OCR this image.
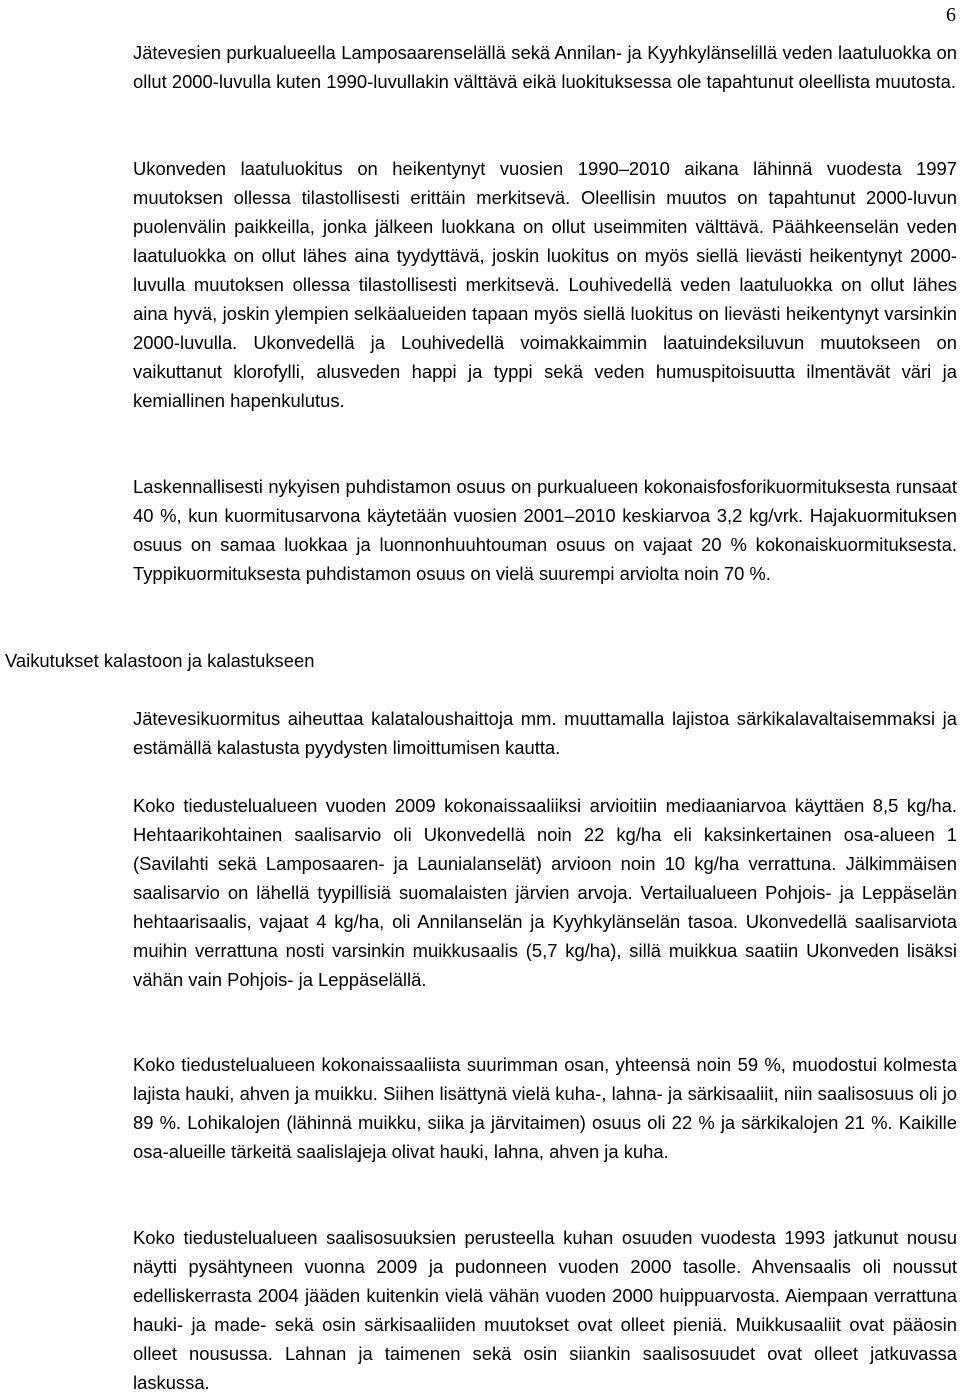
6

Jätevesien purkualueella Lamposaarenselällä sekä Annilan- ja Kyyhkylänselillä veden laatuluokka on ollut 2000-luvulla kuten 1990-luvullakin välttävä eikä luokituksessa ole tapahtunut oleellista muutosta.

Ukonveden laatuluokitus on heikentynyt vuosien 1990–2010 aikana lähinnä vuodesta 1997 muutoksen ollessa tilastollisesti erittäin merkitsevä. Oleellisin muutos on tapahtunut 2000-luvun puolenvälin paikkeilla, jonka jälkeen luokkana on ollut useimmiten välttävä. Päähkeenselän veden laatuluokka on ollut lähes aina tyydyttävä, joskin luokitus on myös siellä lievästi heikentynyt 2000-luvulla muutoksen ollessa tilastollisesti merkitsevä. Louhivedellä veden laatuluokka on ollut lähes aina hyvä, joskin ylempien selkäalueiden tapaan myös siellä luokitus on lievästi heikentynyt varsinkin 2000-luvulla. Ukonvedellä ja Louhivedellä voimakkaimmin laatuindeksiluvun muutokseen on vaikuttanut klorofylli, alusveden happi ja typpi sekä veden humuspitoisuutta ilmentävät väri ja kemiallinen hapenkulutus.

Laskennallisesti nykyisen puhdistamon osuus on purkualueen kokonaisfosforikuormituksesta runsaat 40 %, kun kuormitusarvona käytetään vuosien 2001–2010 keskiarvoa 3,2 kg/vrk. Hajakuormituksen osuus on samaa luokkaa ja luonnonhuuhtouman osuus on vajaat 20 % kokonaiskuormituksesta. Typpikuormituksesta puhdistamon osuus on vielä suurempi arviolta noin 70 %.

Vaikutukset kalastoon ja kalastukseen

Jätevesikuormitus aiheuttaa kalataloushaittoja mm. muuttamalla lajistoa särkikalavaltaisemmaksi ja estämällä kalastusta pyydysten limoittumisen kautta.

Koko tiedustelualueen vuoden 2009 kokonaissaaliiksi arvioitiin mediaaniarvoa käyttäen 8,5 kg/ha. Hehtaarikohtainen saalisarvio oli Ukonvedellä noin 22 kg/ha eli kaksinkertainen osa-alueen 1 (Savilahti sekä Lamposaaren- ja Launialanselät) arvioon noin 10 kg/ha verrattuna. Jälkimmäisen saalisarvio on lähellä tyypillisiä suomalaisten järvien arvoja. Vertailualueen Pohjois- ja Leppäselän hehtaarisaalis, vajaat 4 kg/ha, oli Annilanselän ja Kyyhkylänselän tasoa. Ukonvedellä saalisarviota muihin verrattuna nosti varsinkin muikkusaalis (5,7 kg/ha), sillä muikkua saatiin Ukonveden lisäksi vähän vain Pohjois- ja Leppäselällä.

Koko tiedustelualueen kokonaissaaliista suurimman osan, yhteensä noin 59 %, muodostui kolmesta lajista hauki, ahven ja muikku. Siihen lisättynä vielä kuha-, lahna- ja särkisaaliit, niin saalisosuus oli jo 89 %. Lohikalojen (lähinnä muikku, siika ja järvitaimen) osuus oli 22 % ja särkikalojen 21 %. Kaikille osa-alueille tärkeitä saalislajeja olivat hauki, lahna, ahven ja kuha.

Koko tiedustelualueen saalisosuuksien perusteella kuhan osuuden vuodesta 1993 jatkunut nousu näytti pysähtyneen vuonna 2009 ja pudonneen vuoden 2000 tasolle. Ahvensaalis oli noussut edelliskerrasta 2004 jääden kuitenkin vielä vähän vuoden 2000 huippuarvosta. Aiempaan verrattuna hauki- ja made- sekä osin särkisaaliiden muutokset ovat olleet pieniä. Muikkusaaliit ovat pääosin olleet nousussa. Lahnan ja taimenen sekä osin siiankin saalisosuudet ovat olleet jatkuvassa laskussa.
